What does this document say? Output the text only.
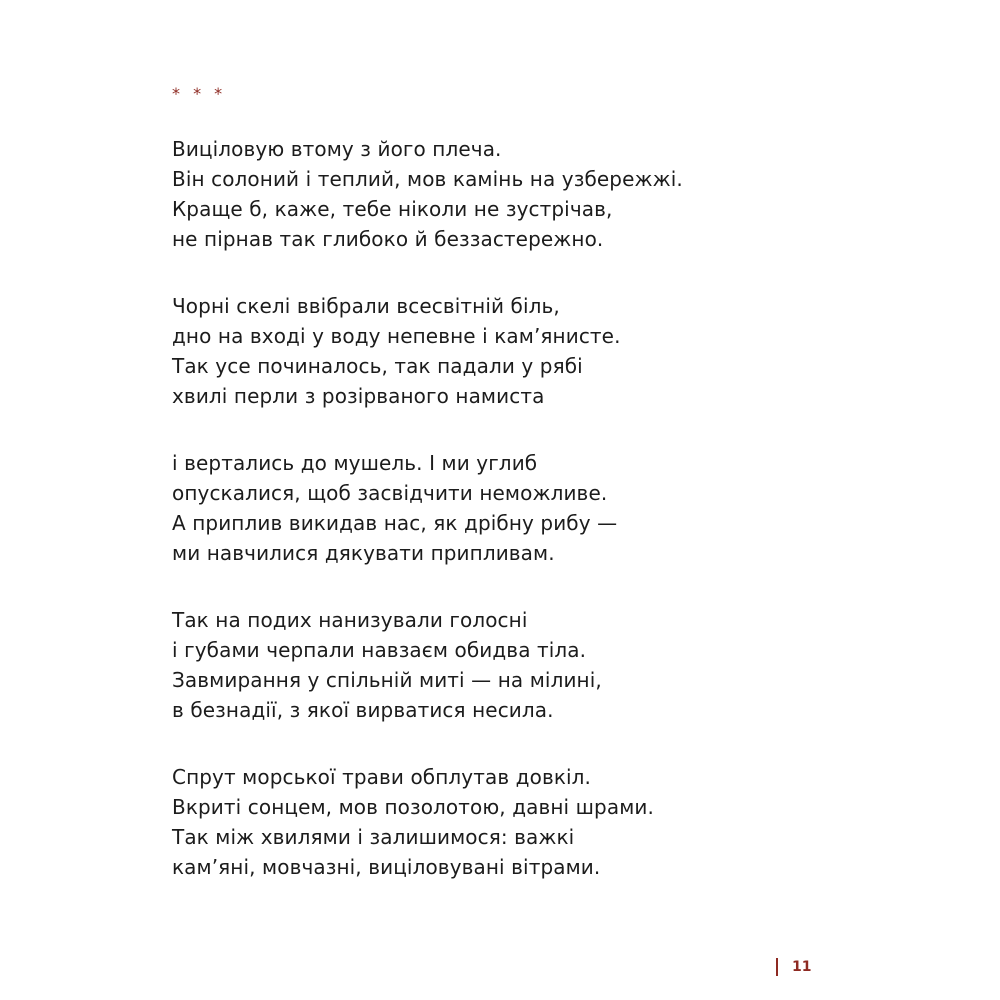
* * *
Виціловую втому з його плеча.
Він солоний і теплий, мов камінь на узбережжі.
Краще б, каже, тебе ніколи не зустрічав,
не пірнав так глибоко й беззастережно.
Чорні скелі ввібрали всесвітній біль,
дно на вході у воду непевне і кам’янисте.
Так усе починалось, так падали у рябі
хвилі перли з розірваного намиста
і вертались до мушель. І ми углиб
опускалися, щоб засвідчити неможливе.
А приплив викидав нас, як дрібну рибу —
ми навчилися дякувати припливам.
Так на подих нанизували голосні
і губами черпали навзаєм обидва тіла.
Завмирання у спільній миті — на мілині,
в безнадії, з якої вирватися несила.
Спрут морської трави обплутав довкіл.
Вкриті сонцем, мов позолотою, давні шрами.
Так між хвилями і залишимося: важкі
кам’яні, мовчазні, виціловувані вітрами.
11
